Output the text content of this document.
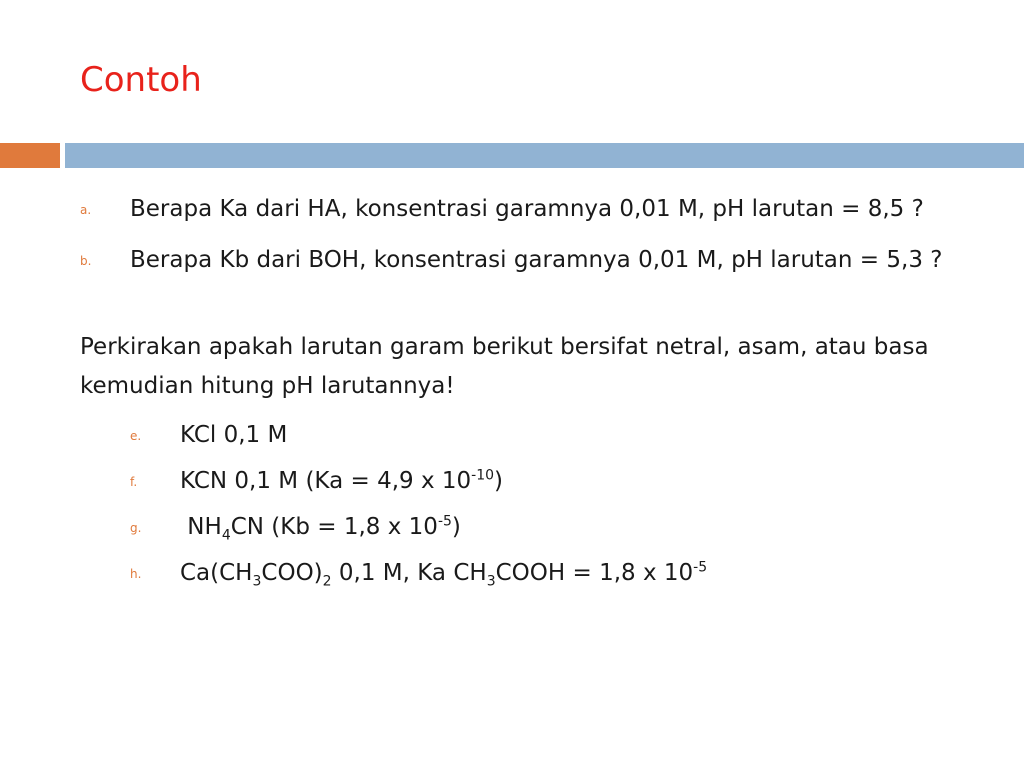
Contoh
a. Berapa Ka dari HA, konsentrasi garamnya 0,01 M, pH larutan = 8,5 ?
b. Berapa Kb dari BOH, konsentrasi garamnya 0,01 M, pH larutan = 5,3 ?

Perkirakan apakah larutan garam berikut bersifat netral, asam, atau basa kemudian hitung pH larutannya!

e. KCl 0,1 M
f. KCN 0,1 M (Ka = 4,9 x $10^{-10}$)
g. $NH_4CN$ (Kb = 1,8 x $10^{-5}$)
h. $Ca(CH_3COO)_2$ 0,1 M, Ka $CH_3COOH = 1,8$ x $10^{-5}$
